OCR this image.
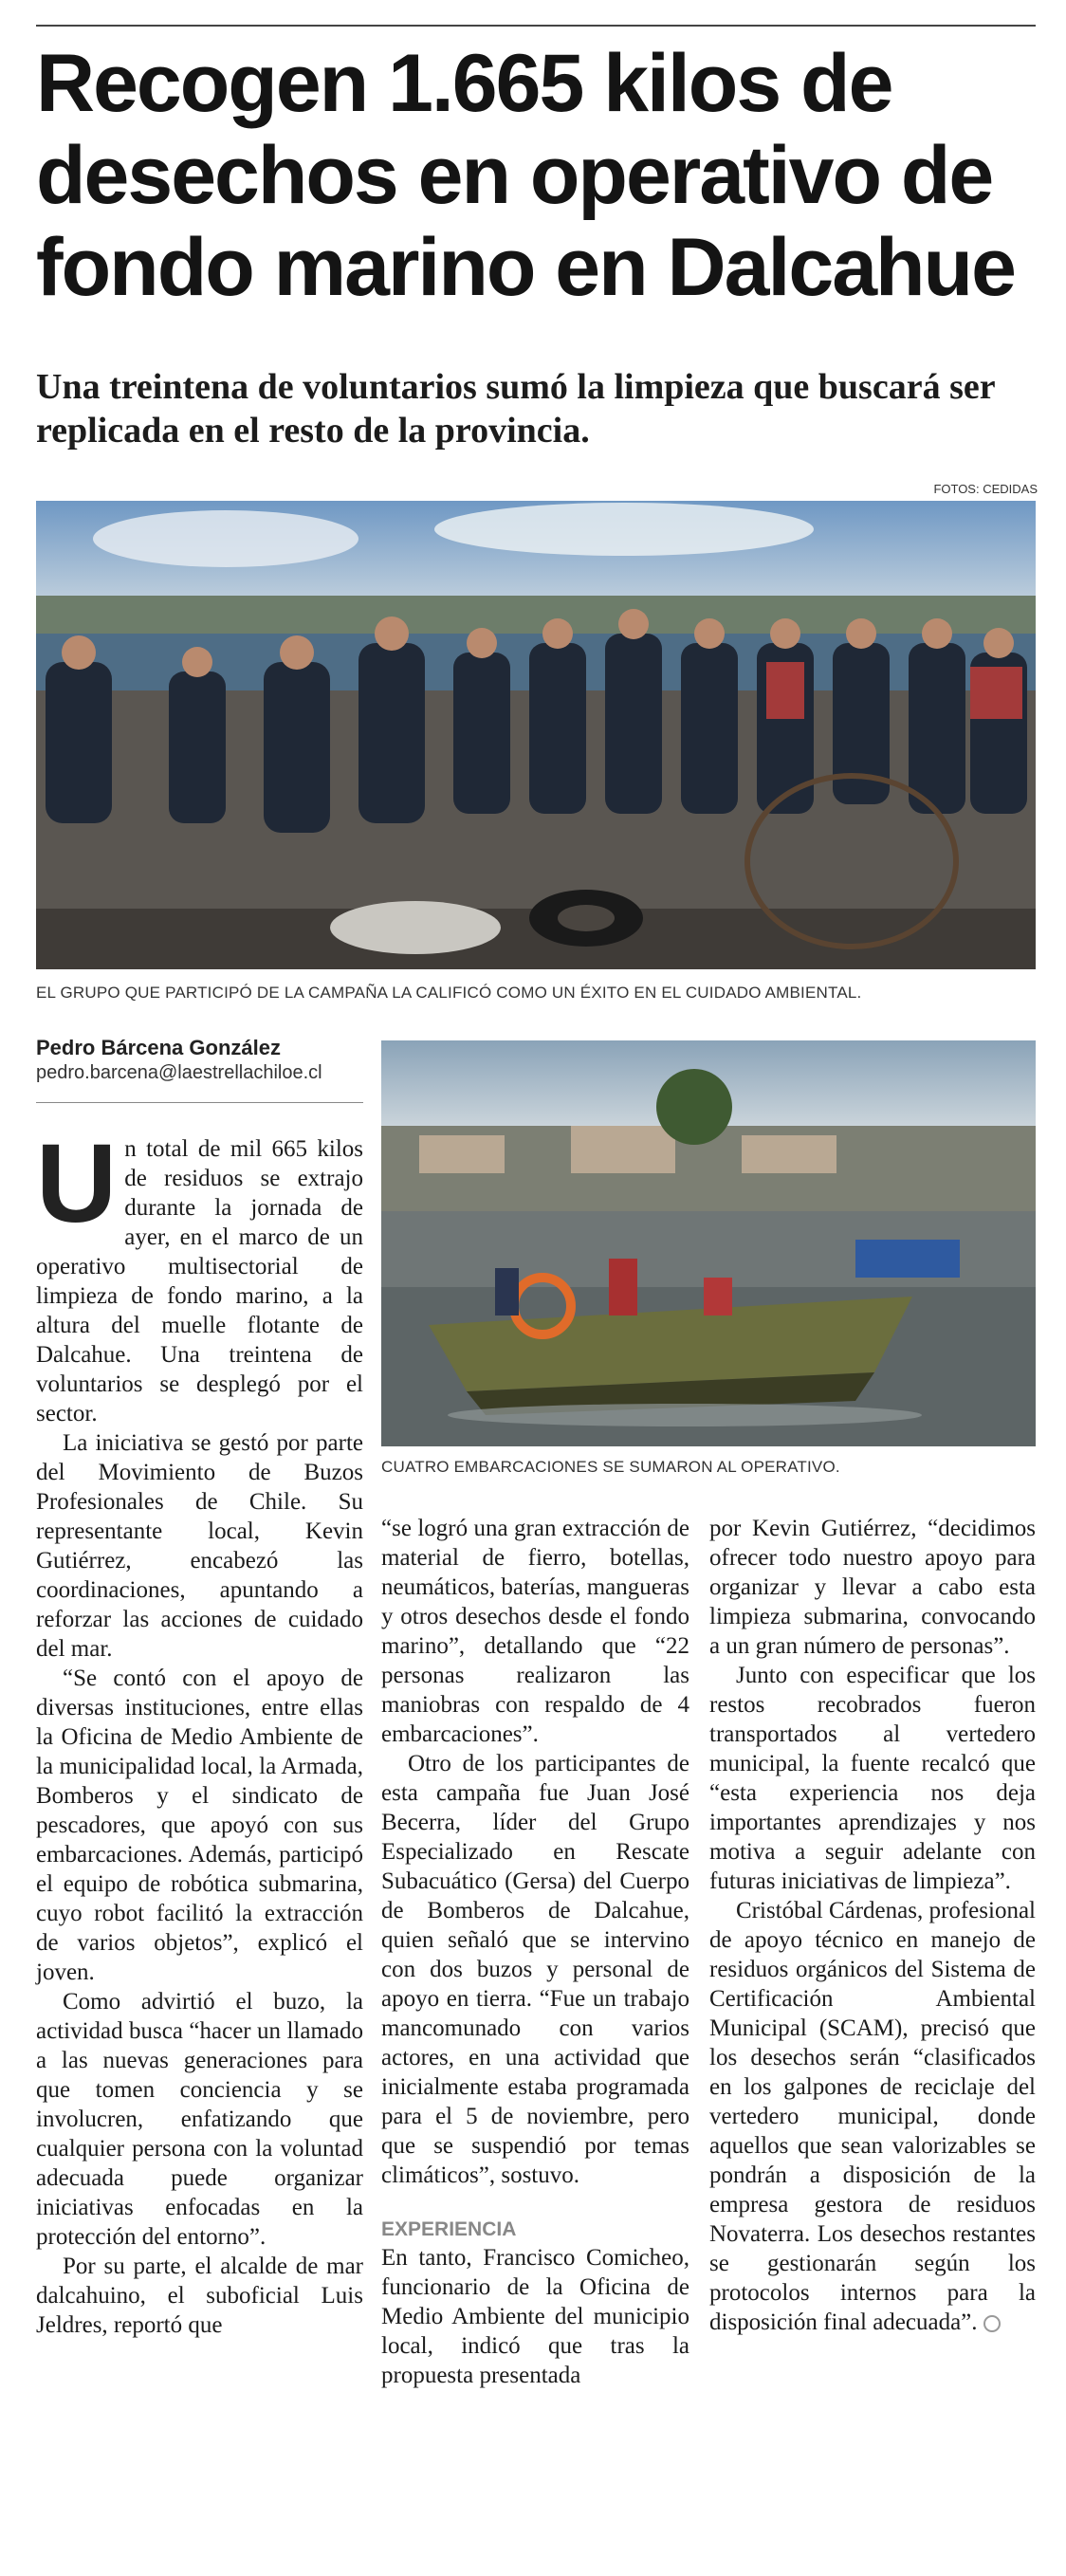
Recogen 1.665 kilos de desechos en operativo de fondo marino en Dalcahue
Una treintena de voluntarios sumó la limpieza que buscará ser replicada en el resto de la provincia.
FOTOS: CEDIDAS
EL GRUPO QUE PARTICIPÓ DE LA CAMPAÑA LA CALIFICÓ COMO UN ÉXITO EN EL CUIDADO AMBIENTAL.
Pedro Bárcena González
pedro.barcena@laestrellachiloe.cl
CUATRO EMBARCACIONES SE SUMARON AL OPERATIVO.

Un total de mil 665 kilos de residuos se extrajo durante la jornada de ayer, en el marco de un operativo multisectorial de limpieza de fondo marino, a la altura del muelle flotante de Dalcahue. Una treintena de voluntarios se desplegó por el sector.

La iniciativa se gestó por parte del Movimiento de Buzos Profesionales de Chile. Su representante local, Kevin Gutiérrez, encabezó las coordinaciones, apuntando a reforzar las acciones de cuidado del mar.

“Se contó con el apoyo de diversas instituciones, entre ellas la Oficina de Medio Ambiente de la municipalidad local, la Armada, Bomberos y el sindicato de pescadores, que apoyó con sus embarcaciones. Además, participó el equipo de robótica submarina, cuyo robot facilitó la extracción de varios objetos”, explicó el joven.

Como advirtió el buzo, la actividad busca “hacer un llamado a las nuevas generaciones para que tomen conciencia y se involucren, enfatizando que cualquier persona con la voluntad adecuada puede organizar iniciativas enfocadas en la protección del entorno”.

Por su parte, el alcalde de mar dalcahuino, el suboficial Luis Jeldres, reportó que

“se logró una gran extracción de material de fierro, botellas, neumáticos, baterías, mangueras y otros desechos desde el fondo marino”, detallando que “22 personas realizaron las maniobras con respaldo de 4 embarcaciones”.

Otro de los participantes de esta campaña fue Juan José Becerra, líder del Grupo Especializado en Rescate Subacuático (Gersa) del Cuerpo de Bomberos de Dalcahue, quien señaló que se intervino con dos buzos y personal de apoyo en tierra. “Fue un trabajo mancomunado con varios actores, en una actividad que inicialmente estaba programada para el 5 de noviembre, pero que se suspendió por temas climáticos”, sostuvo.

EXPERIENCIA

En tanto, Francisco Comicheo, funcionario de la Oficina de Medio Ambiente del municipio local, indicó que tras la propuesta presentada

por Kevin Gutiérrez, “decidimos ofrecer todo nuestro apoyo para organizar y llevar a cabo esta limpieza submarina, convocando a un gran número de personas”.

Junto con especificar que los restos recobrados fueron transportados al vertedero municipal, la fuente recalcó que “esta experiencia nos deja importantes aprendizajes y nos motiva a seguir adelante con futuras iniciativas de limpieza”.

Cristóbal Cárdenas, profesional de apoyo técnico en manejo de residuos orgánicos del Sistema de Certificación Ambiental Municipal (SCAM), precisó que los desechos serán “clasificados en los galpones de reciclaje del vertedero municipal, donde aquellos que sean valorizables se pondrán a disposición de la empresa gestora de residuos Novaterra. Los desechos restantes se gestionarán según los protocolos internos para la disposición final adecuada”.
